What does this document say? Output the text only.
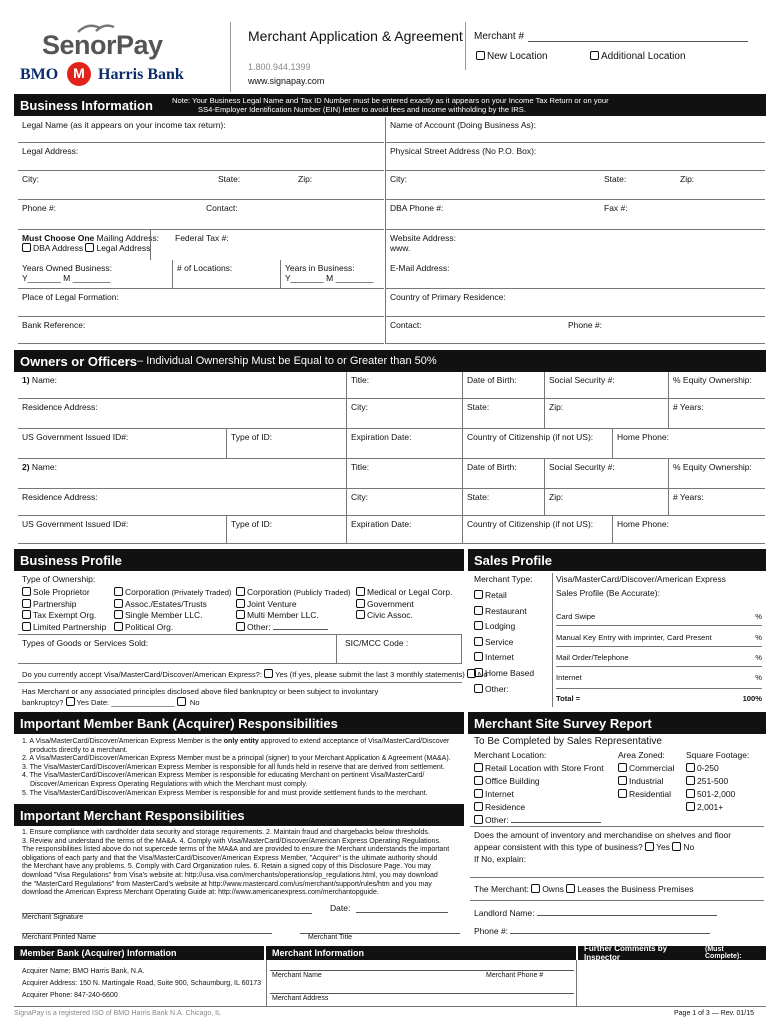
SenorPay
BMO	M Harris Bank
Merchant Application & Agreement
1.800.944.1399
www.signapay.com
Merchant #
New Location	Additional Location
Business Information	Note: Your Business Legal Name and Tax ID Number must be entered exactly as it appears on your Income Tax Return or on your
SS4-Employer Identification Number (EIN) letter to avoid fees and income withholding by the IRS.
Legal Name (as it appears on your income tax return):	Name of Account (Doing Business As):
Legal Address:	Physical Street Address (No P.O. Box):
City:	State:	Zip:	City:	State:	Zip:
Phone #:	Contact:	DBA Phone #:	Fax #:
Must Choose One Mailing Address:
DBA Address Legal Address
Federal Tax #:	Website Address:
www.
Years Owned Business:
Y_______ M ________
# of Locations:	Years in Business:
Y_______ M ________
E-Mail Address:
Place of Legal Formation:	Country of Primary Residence:
Bank Reference:	Contact:	Phone #:
Owners or Officers – Individual Ownership Must be Equal to or Greater than 50%
1) Name:	Title:	Date of Birth:	Social Security #:	% Equity Ownership:
Residence Address:	City:	State:	Zip:	# Years:
US Government Issued ID#:	Type of ID:	Expiration Date:	Country of Citizenship (if not US):	Home Phone:
2) Name:	Title:	Date of Birth:	Social Security #:	% Equity Ownership:
Residence Address:	City:	State:	Zip:	# Years:
US Government Issued ID#:	Type of ID:	Expiration Date:	Country of Citizenship (if not US):	Home Phone:
Business Profile
Type of Ownership:
Sole Proprietor
Partnership
Tax Exempt Org.
Limited Partnership
Corporation (Privately Traded)
Assoc./Estates/Trusts
Single Member LLC.
Political Org.
Corporation (Publicly Traded)
Joint Venture
Multi Member LLC.
Other:
Medical or Legal Corp.
Government
Civic Assoc.
Types of Goods or Services Sold:	SIC/MCC Code :
Do you currently accept Visa/MasterCard/Discover/American Express?: Yes (If yes, please submit the last 3 monthly statements) No
Has Merchant or any associated principles disclosed above filed bankruptcy or been subject to involuntary
bankruptcy? Yes Date: _______________ No
Sales Profile
Merchant Type:
Retail
Restaurant
Lodging
Service
Internet
Home Based
Other:
Visa/MasterCard/Discover/American Express
Sales Profile (Be Accurate):
Card Swipe	%
Manual Key Entry with imprinter, Card Present	%
Mail Order/Telephone	%
Internet	%
Total =	100%
Important Member Bank (Acquirer) Responsibilities
1. A Visa/MasterCard/Discover/American Express Member is the only entity approved to extend acceptance of Visa/MasterCard/Discover
products directly to a merchant.
2. A Visa/MasterCard/Discover/American Express Member must be a principal (signer) to your Merchant Application & Agreement (MA&A).
3. The Visa/MasterCard/Discover/American Express Member is responsible for all funds held in reserve that are derived from settlement.
4. The Visa/MasterCard/Discover/American Express Member is responsible for educating Merchant on pertinent Visa/MasterCard/
Discover/American Express Operating Regulations with which the Merchant must comply.
5. The Visa/MasterCard/Discover/American Express Member is responsible for and must provide settlement funds to the merchant.
Important Merchant Responsibilities
1. Ensure compliance with cardholder data security and storage requirements. 2. Maintain fraud and chargebacks below thresholds.
3. Review and understand the terms of the MA&A. 4. Comply with Visa/MasterCard/Discover/American Express Operating Regulations.
The responsibilities listed above do not supercede terms of the MA&A and are provided to ensure the Merchant understands the important
obligations of each party and that the Visa/MasterCard/Discover/American Express Member, "Acquirer" is the ultimate authority should
the Merchant have any problems. 5. Comply with Card Organization rules. 6. Retain a signed copy of this Disclosure Page. You may
download "Visa Regulations" from Visa's website at: http://usa.visa.com/merchants/operations/op_regulations.html, you may download
the "MasterCard Regulations" from MasterCard's website at http://www.mastercard.com/us/merchant/support/rules/htm and you may
download the American Express Merchant Operating Guide at: http://www.americanexpress.com/merchantopguide.
Date:
Merchant Signature
Merchant Printed Name	Merchant Title
Merchant Site Survey Report
To Be Completed by Sales Representative
Merchant Location:
Retail Location with Store Front
Office Building
Internet
Residence
Other:
Area Zoned:
Commercial
Industrial
Residential
Square Footage:
0-250
251-500
501-2,000
2,001+
Does the amount of inventory and merchandise on shelves and floor
appear consistent with this type of business? Yes No
If No, explain:
The Merchant: Owns Leases the Business Premises
Landlord Name:
Phone #:
Member Bank (Acquirer) Information	Merchant Information	Further Comments by Inspector
(Must Complete):
Acquirer Name: BMO Harris Bank, N.A.
Acquirer Address: 150 N. Martingale Road, Suite 900, Schaumburg, IL 60173
Acquirer Phone: 847-240-6600
Merchant Name	Merchant Phone #
Merchant Address
SignaPay is a registered ISO of BMO Harris Bank N.A. Chicago, IL	Page 1 of 3 — Rev. 01/15
